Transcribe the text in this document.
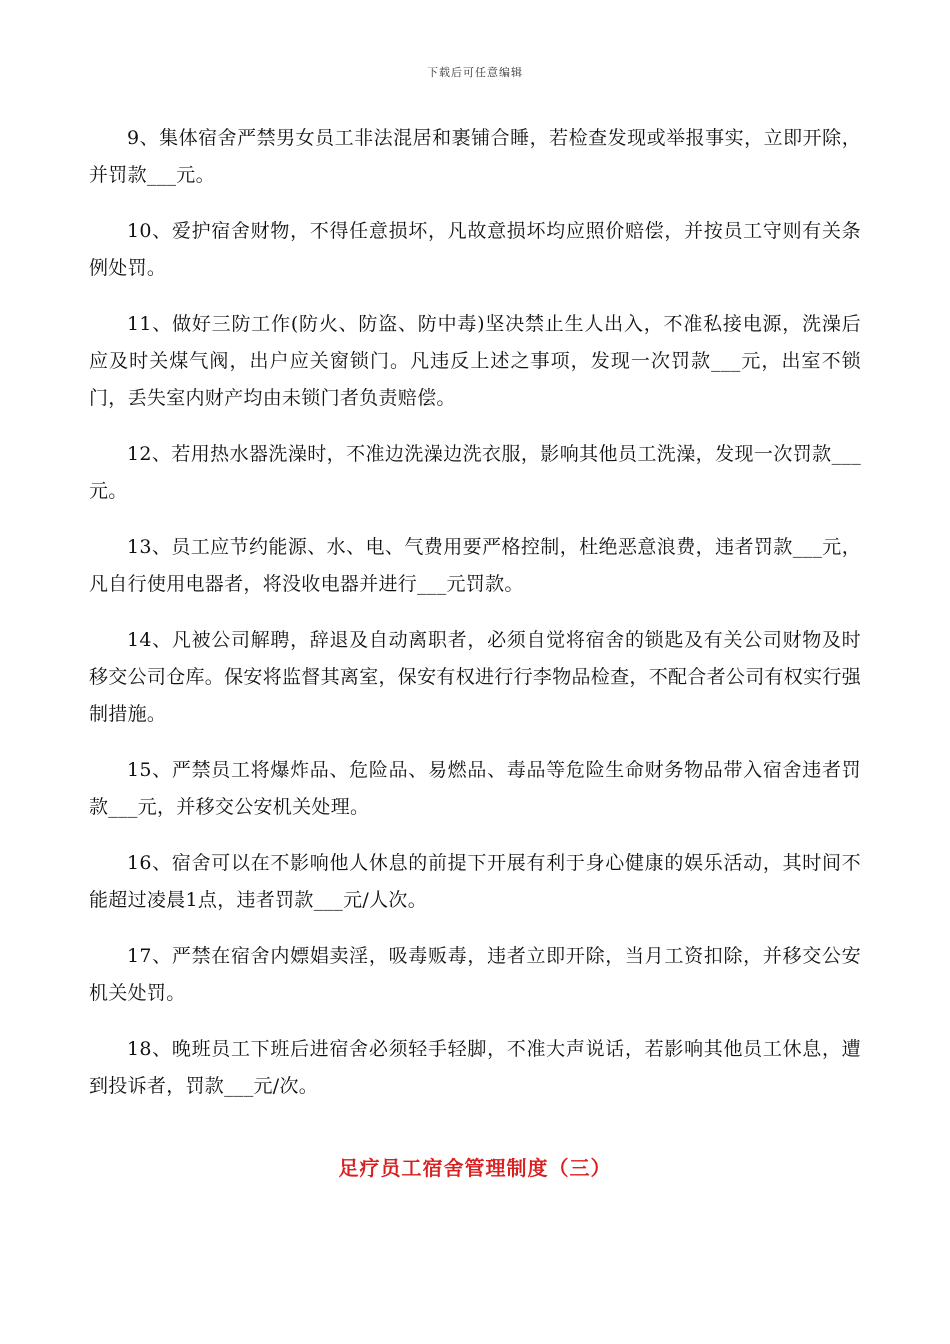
下载后可任意编辑

9、集体宿舍严禁男女员工非法混居和裹铺合睡，若检查发现或举报事实，立即开除，并罚款___元。

10、爱护宿舍财物，不得任意损坏，凡故意损坏均应照价赔偿，并按员工守则有关条例处罚。

11、做好三防工作(防火、防盗、防中毒)坚决禁止生人出入，不准私接电源，洗澡后应及时关煤气阀，出户应关窗锁门。凡违反上述之事项，发现一次罚款___元，出室不锁门，丢失室内财产均由未锁门者负责赔偿。

12、若用热水器洗澡时，不准边洗澡边洗衣服，影响其他员工洗澡，发现一次罚款___元。

13、员工应节约能源、水、电、气费用要严格控制，杜绝恶意浪费，违者罚款___元，凡自行使用电器者，将没收电器并进行___元罚款。

14、凡被公司解聘，辞退及自动离职者，必须自觉将宿舍的锁匙及有关公司财物及时移交公司仓库。保安将监督其离室，保安有权进行行李物品检查，不配合者公司有权实行强制措施。

15、严禁员工将爆炸品、危险品、易燃品、毒品等危险生命财务物品带入宿舍违者罚款___元，并移交公安机关处理。

16、宿舍可以在不影响他人休息的前提下开展有利于身心健康的娱乐活动，其时间不能超过凌晨1点，违者罚款___元/人次。

17、严禁在宿舍内嫖娼卖淫，吸毒贩毒，违者立即开除，当月工资扣除，并移交公安机关处罚。

18、晚班员工下班后进宿舍必须轻手轻脚，不准大声说话，若影响其他员工休息，遭到投诉者，罚款___元/次。

足疗员工宿舍管理制度（三）
